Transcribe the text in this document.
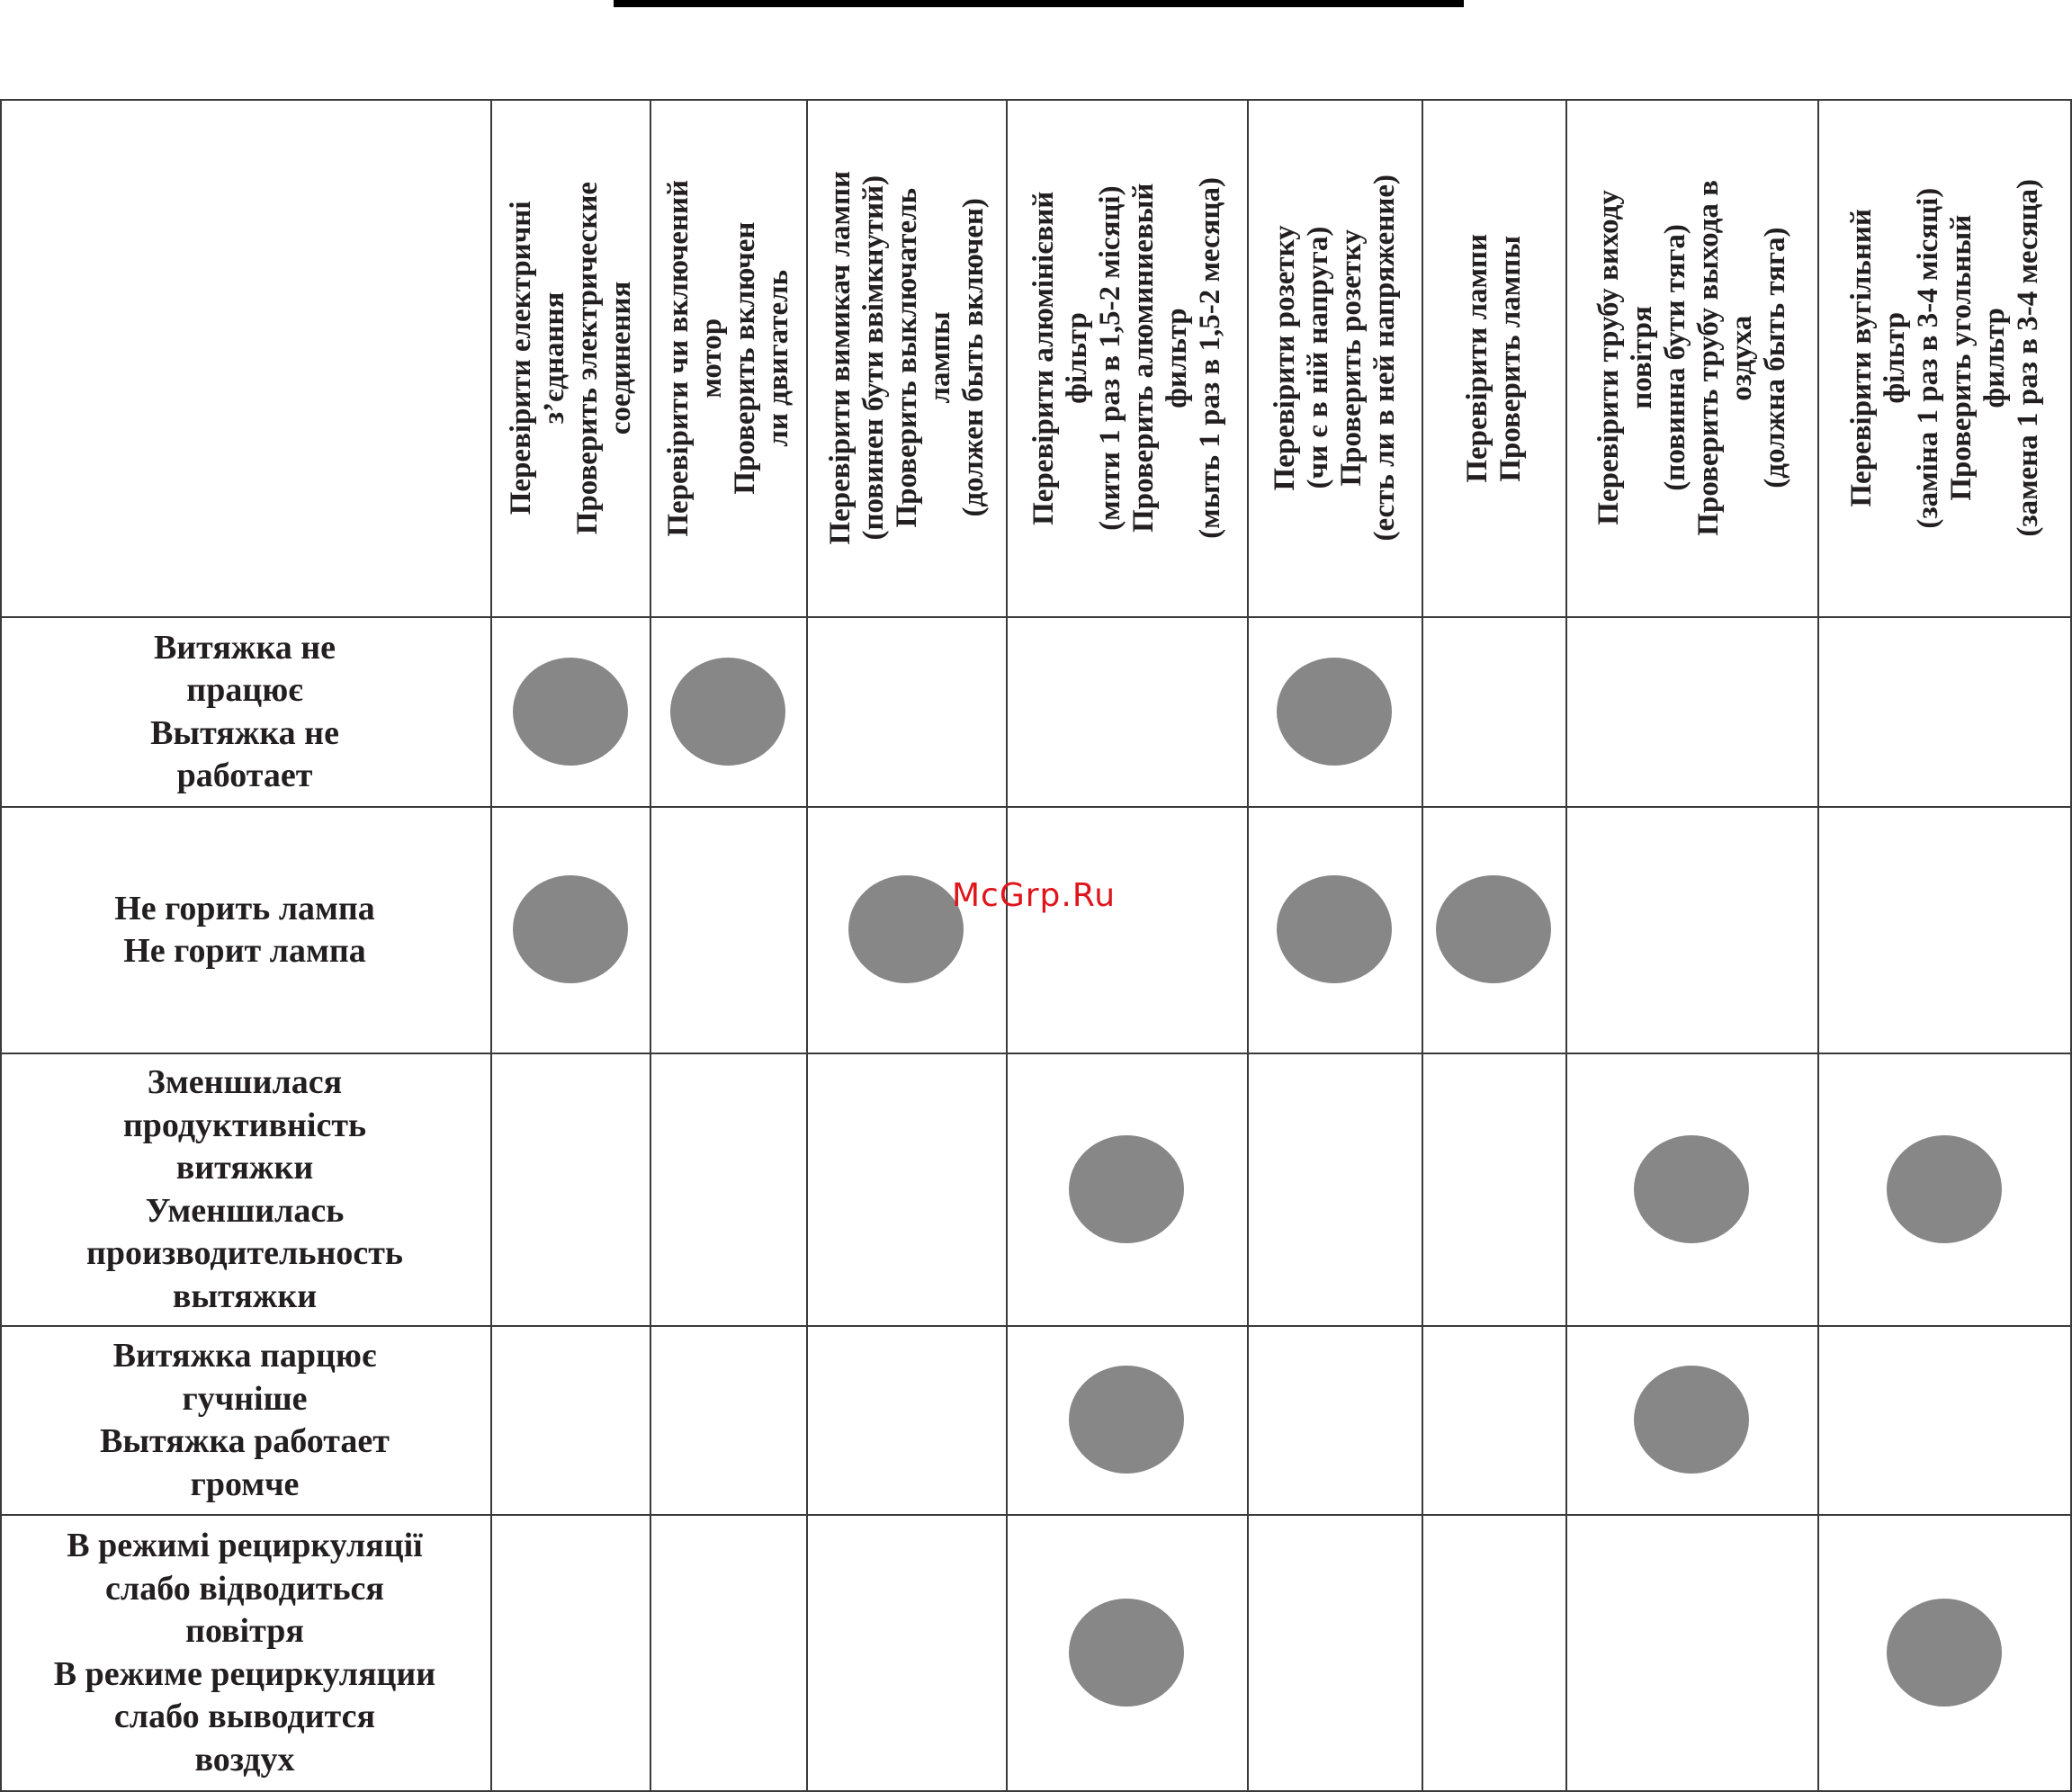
Перевірити електричні з’єднання Проверить электрические соединения Перевірити чи включений мотор Проверить включен ли двигатель Перевірити вимикач лампи (повинен бути ввімкнутий) Проверить выключатель лампы (должен быть включен) Перевірити алюмінієвий фільтр (мити 1 раз в 1,5-2 місяці) Проверить алюминиевый фильтр (мыть 1 раз в 1,5-2 месяца) Перевірити розетку (чи є в ній напруга) Проверить розетку (есть ли в ней напряжение) Перевірити лампи Проверить лампы Перевірити трубу виходу повітря (повинна бути тяга) Проверить трубу выхода в оздуха (должна быть тяга) Перевірити вугільний фільтр (заміна 1 раз в 3-4 місяці) Проверить угольный фильтр (замена 1 раз в 3-4 месяца)
Витяжка не
працює
Вытяжка не
работает
Не горить лампа
Не горит лампа
Зменшилася
продуктивність
витяжки
Уменшилась
производительность
вытяжки
Витяжка парцює
гучніше
Вытяжка работает
громче
В режимі рециркуляції
слабо відводиться
повітря
В режиме рециркуляции
слабо выводится
воздух
McGrp.Ru
